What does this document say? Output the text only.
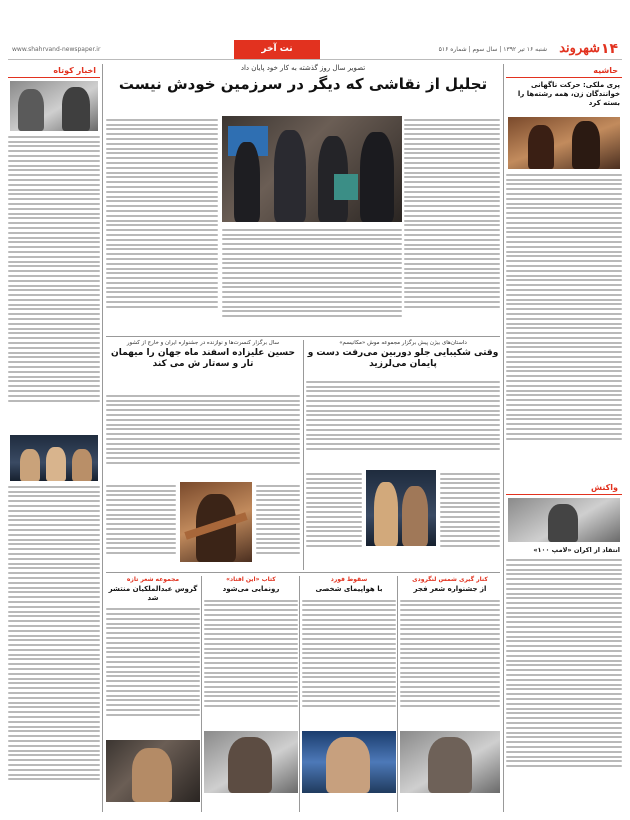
۱۴
شهروند
شنبه ۱۶ تیر ۱۳۹۲ | سال سوم | شماره ۵۱۶
نت آخر
www.shahrvand-newspaper.ir
حاشیه
پری ملکی: حرکت ناگهانی خوانندگان زن، همه رشته‌ها را بسته کرد
واکنش
انتقاد از اکران «لامپ ۱۰۰»
اخبار کوتاه	تصویر سال روز گذشته به کار خود پایان داد
تجلیل از نقاشی که دیگر در سرزمین خودش نیست
داستان‌های بیژن پیش برگزار مجموعه موش «مکانیسم»
وقتی شکیبایی جلو دوربین می‌رفت دست و پایمان می‌لرزید
سال برگزار کنسرت‌ها و نوازنده در جشنواره ایران و خارج از کشور
حسین علیزاده اسفند ماه جهان را میهمان تار و سه‌تار ش می کند
مجموعه شعر تازه
گروس عبدالملکیان منتشر شد
کتاب «این افتاد»
رونمایی می‌شود
سقوط فورد
با هواپیمای شخصی
کنار گیری شمس لنگرودی
از جشنواره شعر فجر
